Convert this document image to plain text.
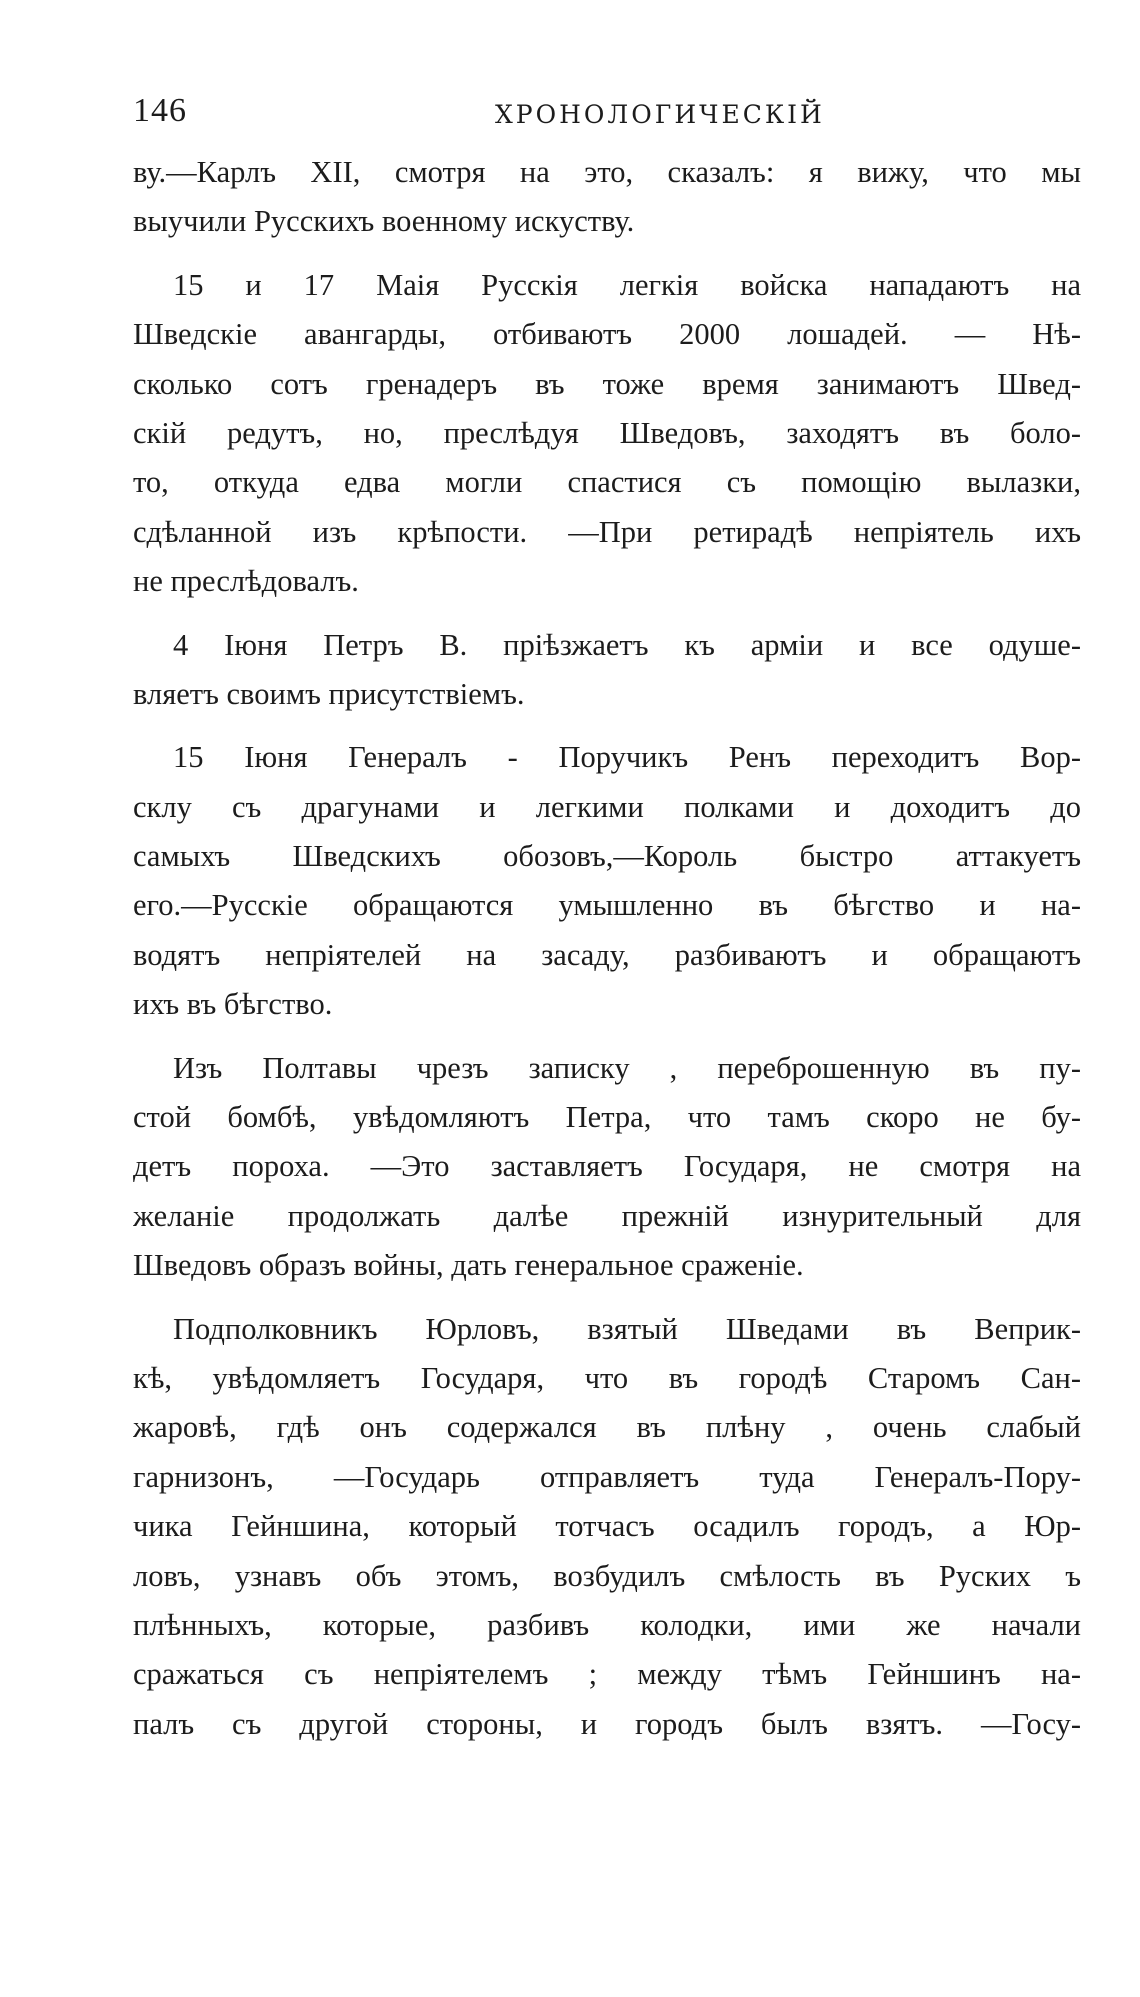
146	ХРОНОЛОГИЧЕСКІЙ
ву.—Карлъ XII, смотря на это, сказалъ: я вижу, что мы
выучили Русскихъ военному искуству.
15 и 17 Маія Русскія легкія войска нападаютъ на
Шведскіе авангарды, отбиваютъ 2000 лошадей. — Нѣ-
сколько сотъ гренадеръ въ тоже время занимаютъ Швед-
скій редутъ, но, преслѣдуя Шведовъ, заходятъ въ боло-
то, откуда едва могли спастися съ помощію вылазки,
сдѣланной изъ крѣпости. —При ретирадѣ непріятель ихъ
не преслѣдовалъ.
4 Іюня Петръ В. пріѣзжаетъ къ арміи и все одуше-
вляетъ своимъ присутствіемъ.
15 Іюня Генералъ - Поручикъ Ренъ переходитъ Вор-
склу съ драгунами и легкими полками и доходитъ до
самыхъ Шведскихъ обозовъ,—Король быстро аттакуетъ
его.—Русскіе обращаются умышленно въ бѣгство и на-
водятъ непріятелей на засаду, разбиваютъ и обращаютъ
ихъ въ бѣгство.
Изъ Полтавы чрезъ записку , переброшенную въ пу-
стой бомбѣ, увѣдомляютъ Петра, что тамъ скоро не бу-
детъ пороха. —Это заставляетъ Государя, не смотря на
желаніе продолжать далѣе прежній изнурительный для
Шведовъ образъ войны, дать генеральное сраженіе.
Подполковникъ Юрловъ, взятый Шведами въ Веприк-
кѣ, увѣдомляетъ Государя, что въ городѣ Старомъ Сан-
жаровѣ, гдѣ онъ содержался въ плѣну , очень слабый
гарнизонъ, —Государь отправляетъ туда Генералъ-Пору-
чика Гейншина, который тотчасъ осадилъ городъ, а Юр-
ловъ, узнавъ объ этомъ, возбудилъ смѣлость въ Руских ъ
плѣнныхъ, которые, разбивъ колодки, ими же начали
сражаться съ непріятелемъ ; между тѣмъ Гейншинъ на-
палъ съ другой стороны, и городъ былъ взятъ. —Госу-
